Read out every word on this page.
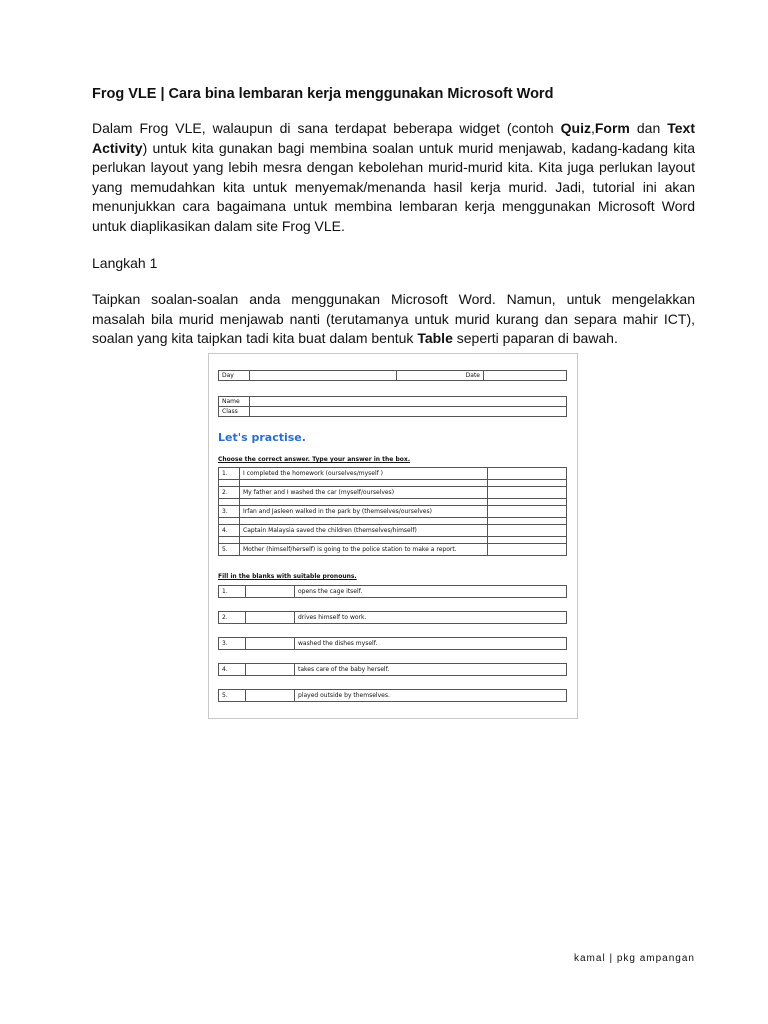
Frog VLE | Cara bina lembaran kerja menggunakan Microsoft Word
Dalam Frog VLE, walaupun di sana terdapat beberapa widget (contoh Quiz,Form dan Text Activity) untuk kita gunakan bagi membina soalan untuk murid menjawab, kadang-kadang kita perlukan layout yang lebih mesra dengan kebolehan murid-murid kita. Kita juga perlukan layout yang memudahkan kita untuk menyemak/menanda hasil kerja murid. Jadi, tutorial ini akan menunjukkan cara bagaimana untuk membina lembaran kerja menggunakan Microsoft Word untuk diaplikasikan dalam site Frog VLE.
Langkah 1
Taipkan soalan-soalan anda menggunakan Microsoft Word. Namun, untuk mengelakkan masalah bila murid menjawab nanti (terutamanya untuk murid kurang dan separa mahir ICT), soalan yang kita taipkan tadi kita buat dalam bentuk Table seperti paparan di bawah.
Day		Date	
Name	
Class	
Let's practise.
Choose the correct answer. Type your answer in the box.
1.	I completed the homework (ourselves/myself )	

2.	My father and I washed the car (myself/ourselves)	

3.	Irfan and Jasleen walked in the park by (themselves/ourselves)	

4.	Captain Malaysia saved the children (themselves/himself)	

5.	Mother (himself/herself) is going to the police station to make a report.	
Fill in the blanks with suitable pronouns.
1.		opens the cage itself.
2.		drives himself to work.
3.		washed the dishes myself.
4.		takes care of the baby herself.
5.		played outside by themselves.
kamal | pkg ampangan
